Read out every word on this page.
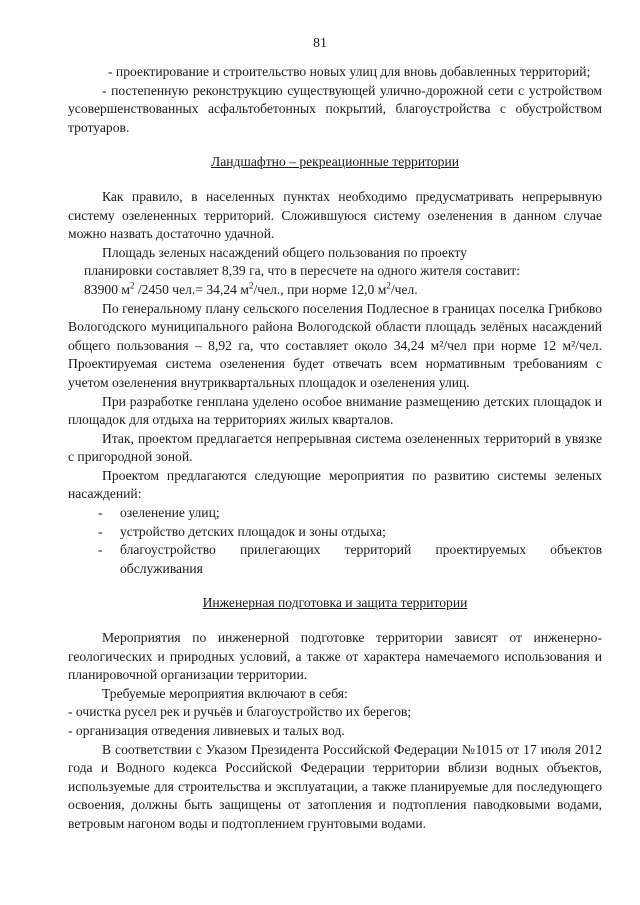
81

- проектирование и строительство новых улиц для вновь добавленных территорий;

- постепенную реконструкцию существующей улично-дорожной сети с устройством усовершенствованных асфальтобетонных покрытий, благоустройства с обустройством тротуаров.

Ландшафтно – рекреационные территории

Как правило, в населенных пунктах необходимо предусматривать непрерывную систему озелененных территорий. Сложившуюся систему озеленения в данном случае можно назвать достаточно удачной.

Площадь зеленых насаждений общего пользования по проекту

планировки составляет 8,39 га, что в пересчете на одного жителя составит:

83900 $м^2$ /2450 чел.= 34,24 $м^2$/чел., при норме 12,0 $м^2$/чел.

По генеральному плану сельского поселения Подлесное в границах поселка Грибково Вологодского муниципального района Вологодской области площадь зелёных насаждений общего пользования – 8,92 га, что составляет около 34,24 м²/чел при норме 12 м²/чел. Проектируемая система озеленения будет отвечать всем нормативным требованиям с учетом озеленения внутриквартальных площадок и озеленения улиц.

При разработке генплана уделено особое внимание размещению детских площадок и площадок для отдыха на территориях жилых кварталов.

Итак, проектом предлагается непрерывная система озелененных территорий в увязке с пригородной зоной.

Проектом предлагаются следующие мероприятия по развитию системы зеленых насаждений:

- озеленение улиц;
- устройство детских площадок и зоны отдыха;
- благоустройство прилегающих территорий проектируемых объектов обслуживания

Инженерная подготовка и защита территории

Мероприятия по инженерной подготовке территории зависят от инженерно-геологических и природных условий, а также от характера намечаемого использования и планировочной организации территории.

Требуемые мероприятия включают в себя:

- очистка русел рек и ручьёв и благоустройство их берегов;

- организация отведения ливневых и талых вод.

В соответствии с Указом Президента Российской Федерации №1015 от 17 июля 2012 года и Водного кодекса Российской Федерации территории вблизи водных объектов, используемые для строительства и эксплуатации, а также планируемые для последующего освоения, должны быть защищены от затопления и подтопления паводковыми водами, ветровым нагоном воды и подтоплением грунтовыми водами.
